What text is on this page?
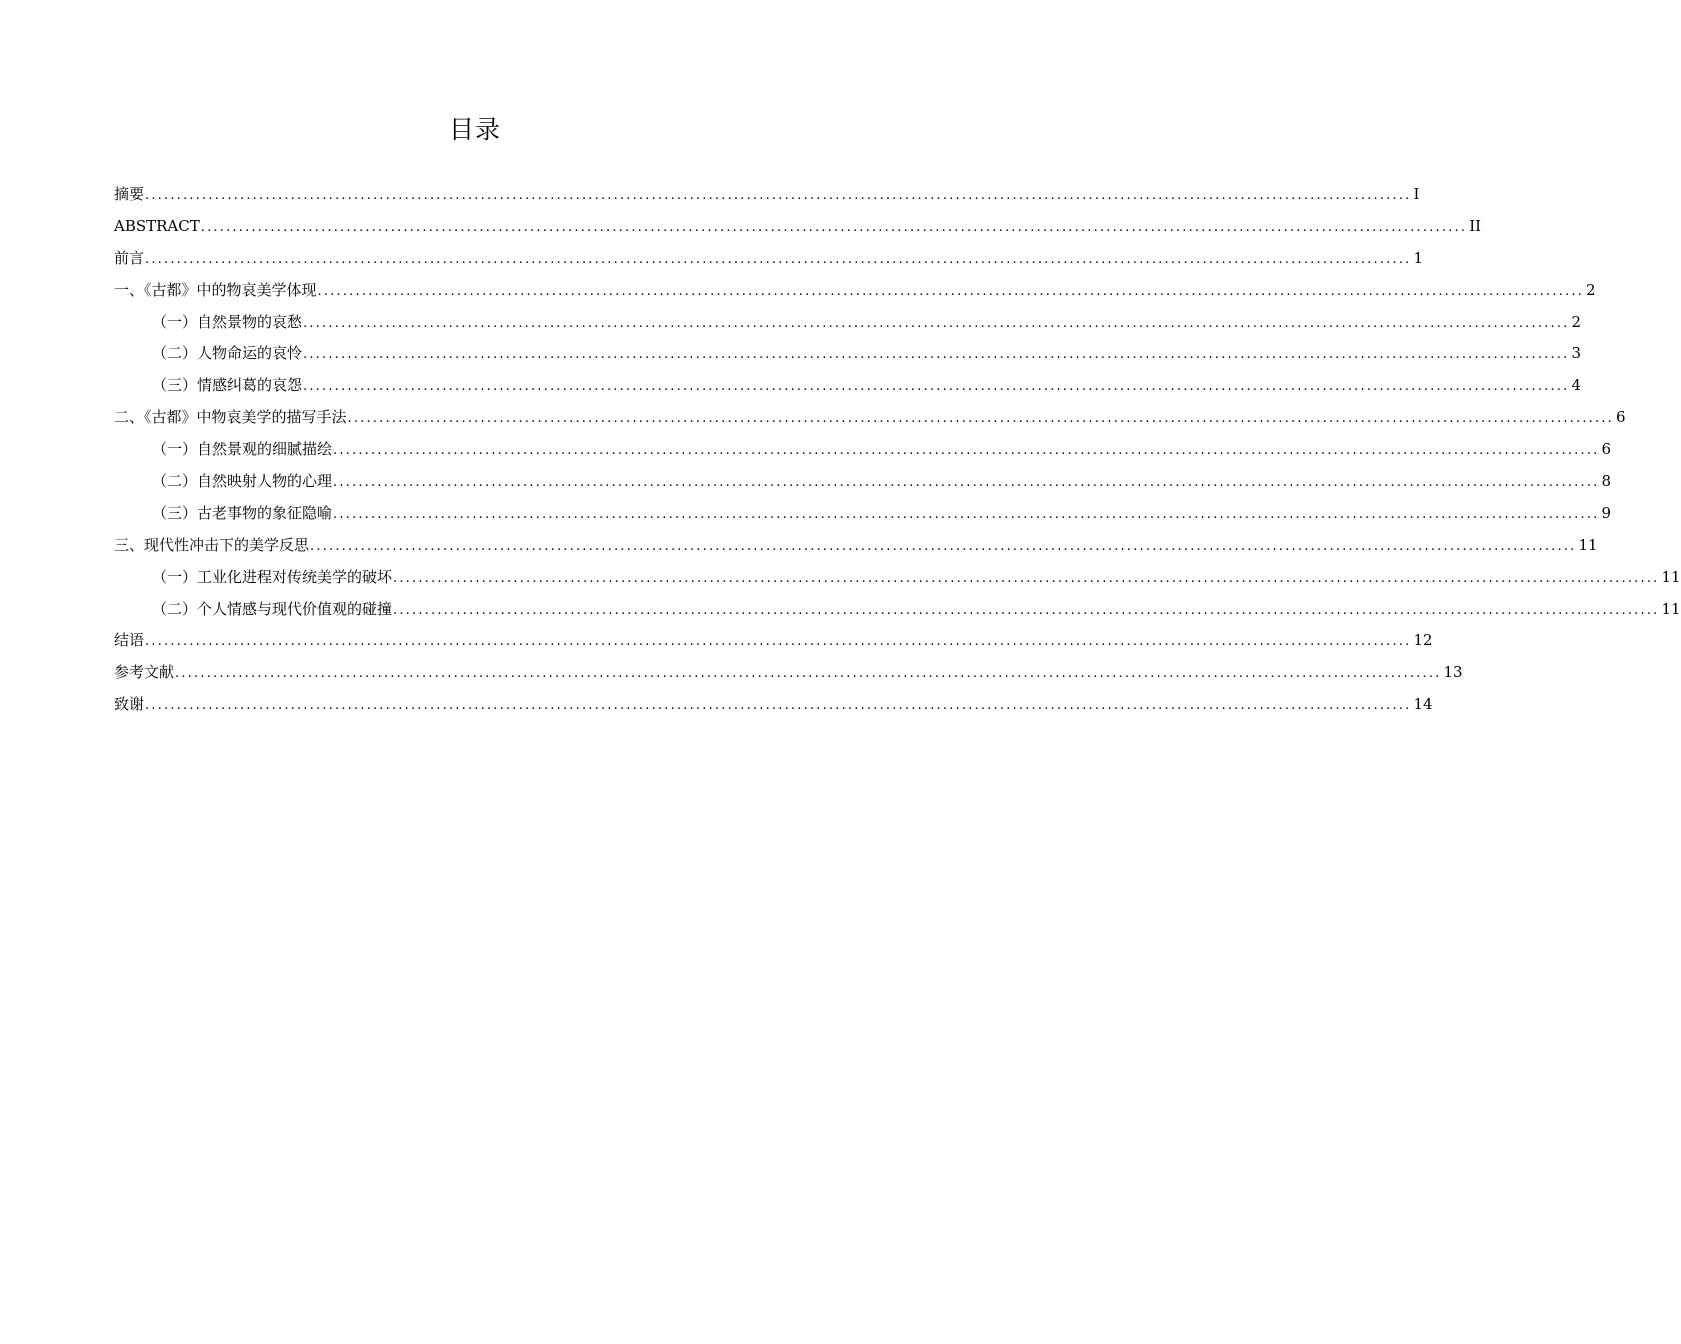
目录
摘要 ........................................................................................................................................................................................................ I
ABSTRACT ........................................................................................................................................................................................................ II
前言 ........................................................................................................................................................................................................ 1
一、《古都》中的物哀美学体现 ........................................................................................................................................................................................................ 2
（一）自然景物的哀愁 ........................................................................................................................................................................................................ 2
（二）人物命运的哀怜 ........................................................................................................................................................................................................ 3
（三）情感纠葛的哀怨 ........................................................................................................................................................................................................ 4
二、《古都》中物哀美学的描写手法 ........................................................................................................................................................................................................ 6
（一）自然景观的细腻描绘 ........................................................................................................................................................................................................ 6
（二）自然映射人物的心理 ........................................................................................................................................................................................................ 8
（三）古老事物的象征隐喻 ........................................................................................................................................................................................................ 9
三、现代性冲击下的美学反思 ........................................................................................................................................................................................................ 11
（一）工业化进程对传统美学的破坏 ........................................................................................................................................................................................................ 11
（二）个人情感与现代价值观的碰撞 ........................................................................................................................................................................................................ 11
结语 ........................................................................................................................................................................................................ 12
参考文献 ........................................................................................................................................................................................................ 13
致谢 ........................................................................................................................................................................................................ 14
